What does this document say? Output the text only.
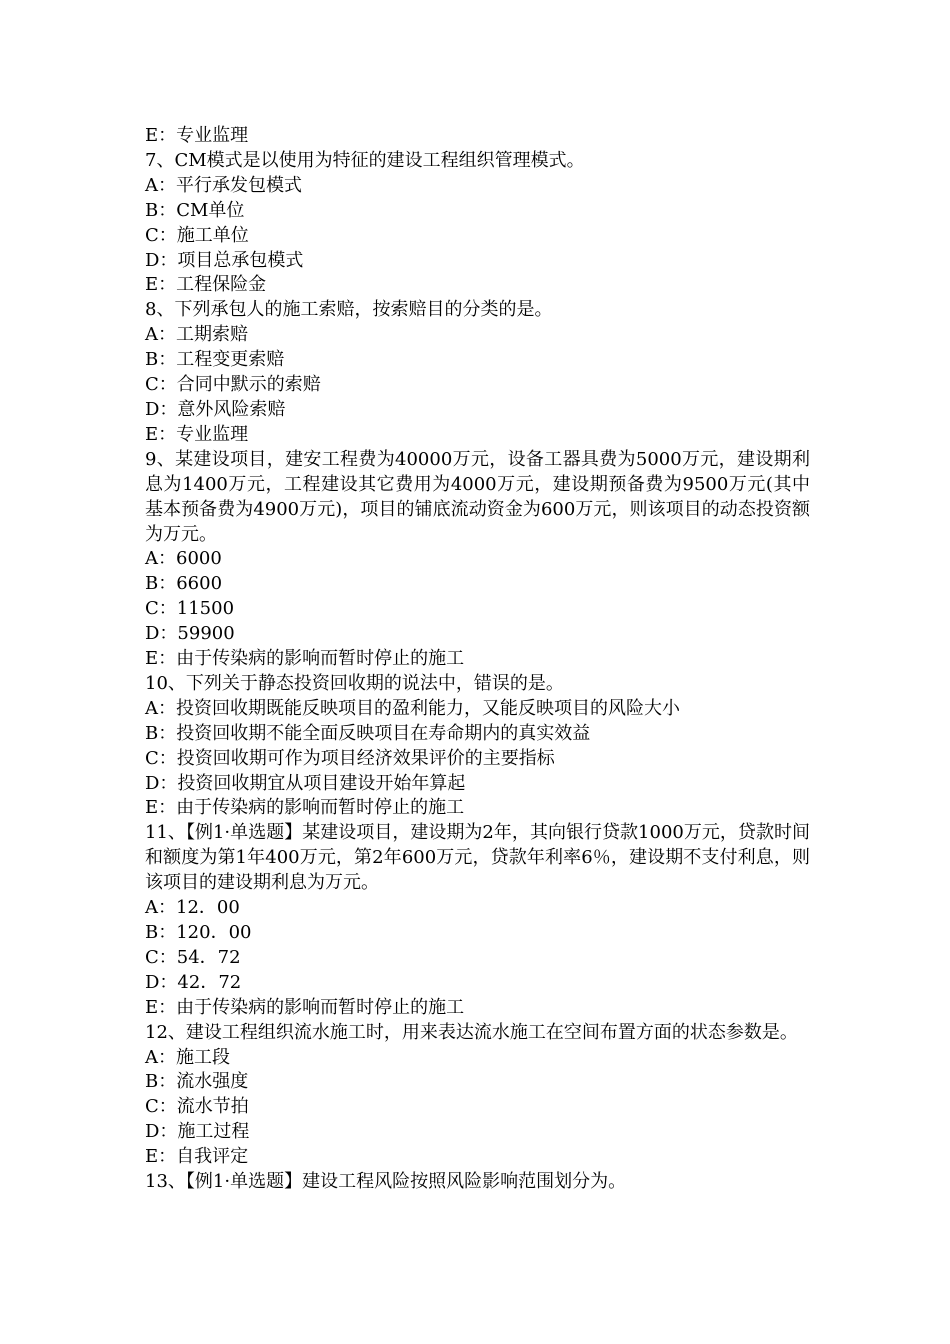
E：专业监理
7、CM模式是以使用为特征的建设工程组织管理模式。
A：平行承发包模式
B：CM单位
C：施工单位
D：项目总承包模式
E：工程保险金
8、下列承包人的施工索赔，按索赔目的分类的是。
A：工期索赔
B：工程变更索赔
C：合同中默示的索赔
D：意外风险索赔
E：专业监理
9、某建设项目，建安工程费为40000万元，设备工器具费为5000万元，建设期利息为1400万元，工程建设其它费用为4000万元，建设期预备费为9500万元(其中基本预备费为4900万元)，项目的铺底流动资金为600万元，则该项目的动态投资额为万元。
A：6000
B：6600
C：11500
D：59900
E：由于传染病的影响而暂时停止的施工
10、下列关于静态投资回收期的说法中，错误的是。
A：投资回收期既能反映项目的盈利能力，又能反映项目的风险大小
B：投资回收期不能全面反映项目在寿命期内的真实效益
C：投资回收期可作为项目经济效果评价的主要指标
D：投资回收期宜从项目建设开始年算起
E：由于传染病的影响而暂时停止的施工
11、【例1·单选题】某建设项目，建设期为2年，其向银行贷款1000万元，贷款时间和额度为第1年400万元，第2年600万元，贷款年利率6％，建设期不支付利息，则该项目的建设期利息为万元。
A：12．00
B：120．00
C：54．72
D：42．72
E：由于传染病的影响而暂时停止的施工
12、建设工程组织流水施工时，用来表达流水施工在空间布置方面的状态参数是。
A：施工段
B：流水强度
C：流水节拍
D：施工过程
E：自我评定
13、【例1·单选题】建设工程风险按照风险影响范围划分为。
